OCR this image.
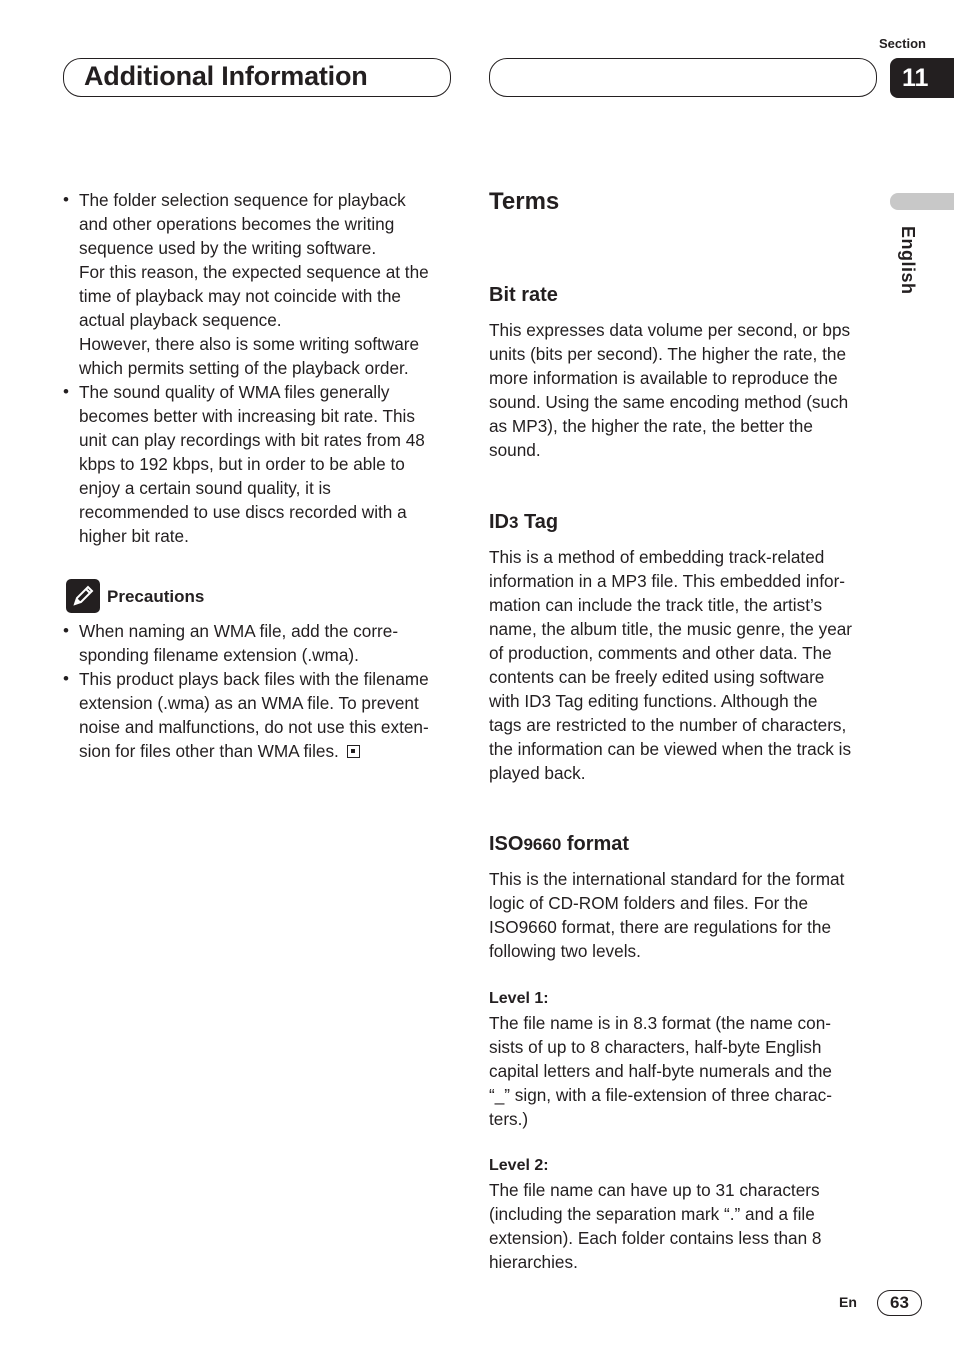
Additional Information
Section
11
English
• The folder selection sequence for playback
and other operations becomes the writing
sequence used by the writing software.
For this reason, the expected sequence at the
time of playback may not coincide with the
actual playback sequence.
However, there also is some writing software
which permits setting of the playback order.
• The sound quality of WMA files generally
becomes better with increasing bit rate. This
unit can play recordings with bit rates from 48
kbps to 192 kbps, but in order to be able to
enjoy a certain sound quality, it is
recommended to use discs recorded with a
higher bit rate.
Precautions
• When naming an WMA file, add the corre-
sponding filename extension (.wma).
• This product plays back files with the filename
extension (.wma) as an WMA file. To prevent
noise and malfunctions, do not use this exten-
sion for files other than WMA files.
Terms
Bit rate
This expresses data volume per second, or bps
units (bits per second). The higher the rate, the
more information is available to reproduce the
sound. Using the same encoding method (such
as MP3), the higher the rate, the better the
sound.
ID3 Tag
This is a method of embedding track-related
information in a MP3 file. This embedded infor-
mation can include the track title, the artist’s
name, the album title, the music genre, the year
of production, comments and other data. The
contents can be freely edited using software
with ID3 Tag editing functions. Although the
tags are restricted to the number of characters,
the information can be viewed when the track is
played back.
ISO9660 format
This is the international standard for the format
logic of CD-ROM folders and files. For the
ISO9660 format, there are regulations for the
following two levels.
Level 1:
The file name is in 8.3 format (the name con-
sists of up to 8 characters, half-byte English
capital letters and half-byte numerals and the
“_” sign, with a file-extension of three charac-
ters.)
Level 2:
The file name can have up to 31 characters
(including the separation mark “.” and a file
extension). Each folder contains less than 8
hierarchies.
En	63
